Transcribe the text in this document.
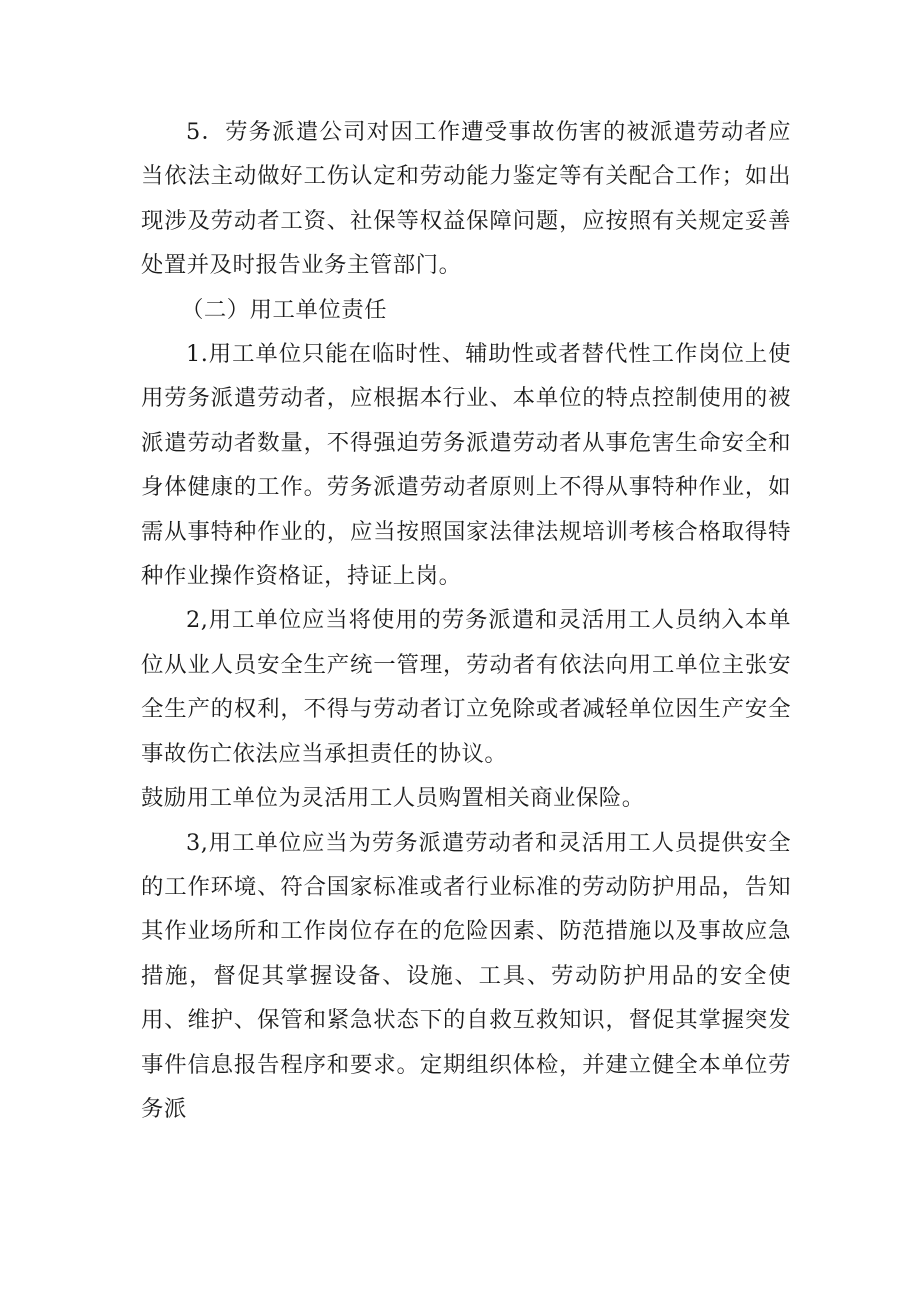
5．劳务派遣公司对因工作遭受事故伤害的被派遣劳动者应当依法主动做好工伤认定和劳动能力鉴定等有关配合工作；如出现涉及劳动者工资、社保等权益保障问题，应按照有关规定妥善处置并及时报告业务主管部门。

（二）用工单位责任

1.用工单位只能在临时性、辅助性或者替代性工作岗位上使用劳务派遣劳动者，应根据本行业、本单位的特点控制使用的被派遣劳动者数量，不得强迫劳务派遣劳动者从事危害生命安全和身体健康的工作。劳务派遣劳动者原则上不得从事特种作业，如需从事特种作业的，应当按照国家法律法规培训考核合格取得特种作业操作资格证，持证上岗。

2,用工单位应当将使用的劳务派遣和灵活用工人员纳入本单位从业人员安全生产统一管理，劳动者有依法向用工单位主张安全生产的权利，不得与劳动者订立免除或者减轻单位因生产安全事故伤亡依法应当承担责任的协议。

鼓励用工单位为灵活用工人员购置相关商业保险。

3,用工单位应当为劳务派遣劳动者和灵活用工人员提供安全的工作环境、符合国家标准或者行业标准的劳动防护用品，告知其作业场所和工作岗位存在的危险因素、防范措施以及事故应急措施，督促其掌握设备、设施、工具、劳动防护用品的安全使用、维护、保管和紧急状态下的自救互救知识，督促其掌握突发事件信息报告程序和要求。定期组织体检，并建立健全本单位劳务派
